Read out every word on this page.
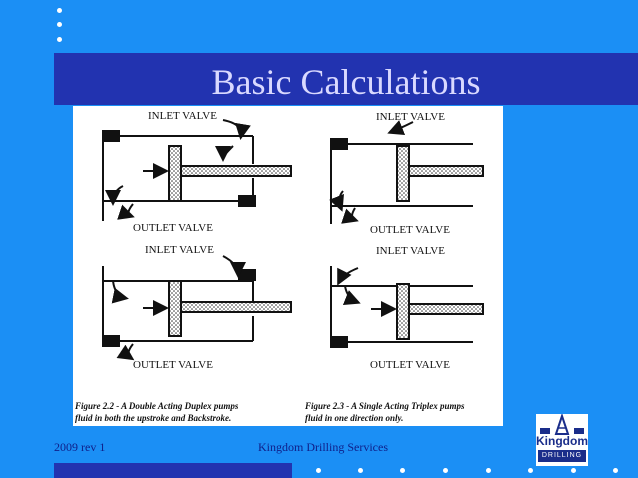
Basic Calculations
INLET VALVE
OUTLET VALVE
INLET VALVE
OUTLET VALVE
INLET VALVE
OUTLET VALVE
INLET VALVE
OUTLET VALVE
Figure 2.2 - A Double Acting Duplex pumps
fluid in both the upstroke and Backstroke.
Figure 2.3 - A Single Acting Triplex pumps
fluid in one direction only.
2009 rev 1	Kingdom Drilling Services	Kingdom
DRILLING
